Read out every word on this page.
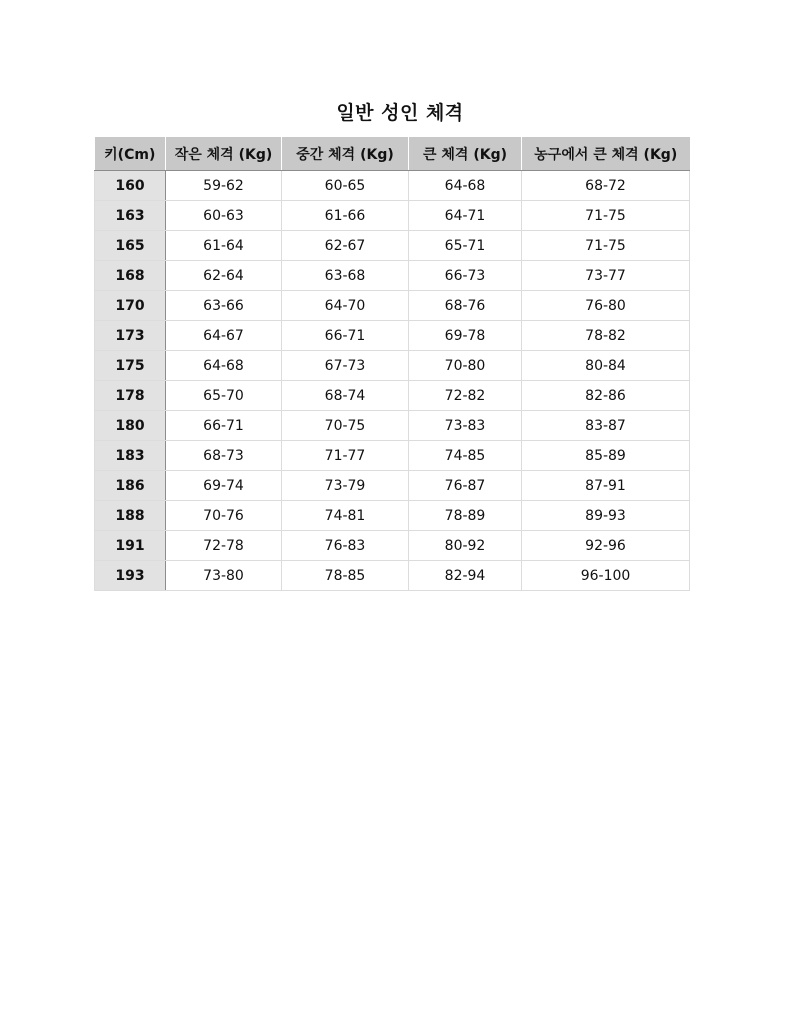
일반 성인 체격
키(Cm)	작은 체격 (Kg)	중간 체격 (Kg)	큰 체격 (Kg)	농구에서 큰 체격 (Kg)
160	59-62	60-65	64-68	68-72
163	60-63	61-66	64-71	71-75
165	61-64	62-67	65-71	71-75
168	62-64	63-68	66-73	73-77
170	63-66	64-70	68-76	76-80
173	64-67	66-71	69-78	78-82
175	64-68	67-73	70-80	80-84
178	65-70	68-74	72-82	82-86
180	66-71	70-75	73-83	83-87
183	68-73	71-77	74-85	85-89
186	69-74	73-79	76-87	87-91
188	70-76	74-81	78-89	89-93
191	72-78	76-83	80-92	92-96
193	73-80	78-85	82-94	96-100
